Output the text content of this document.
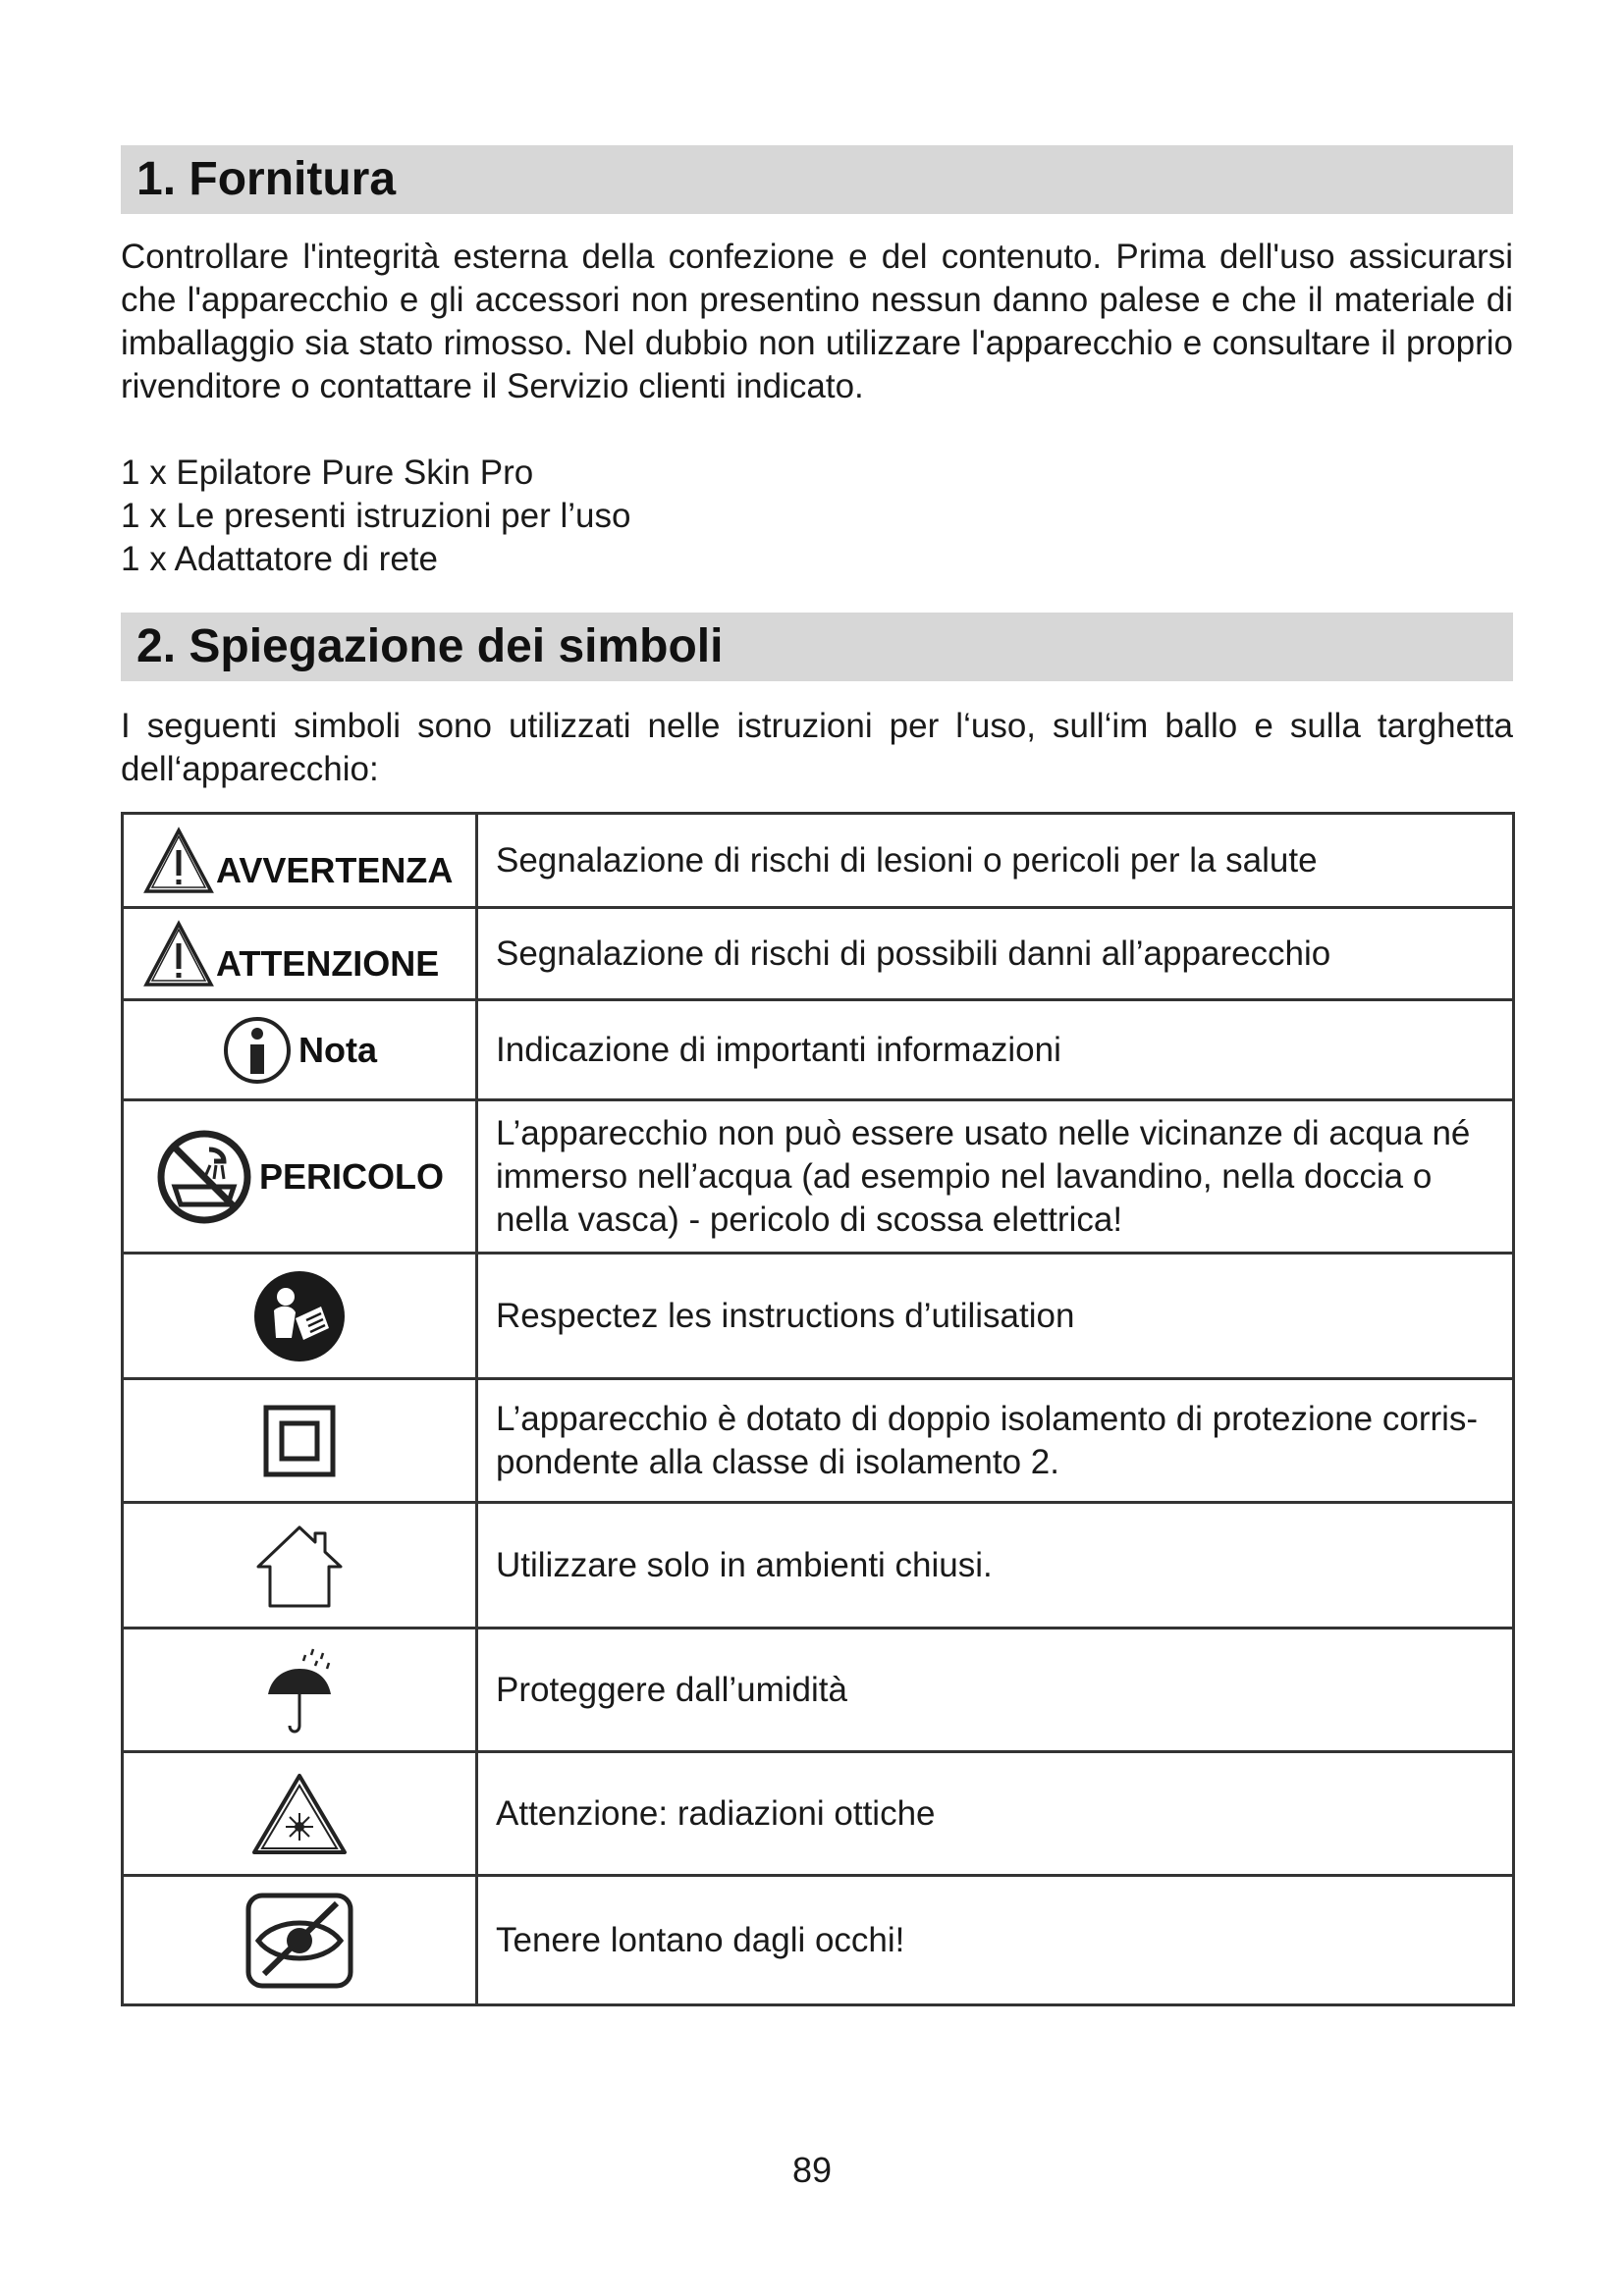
1. Fornitura

Controllare l'integrità esterna della confezione e del contenuto. Prima dell'uso assicurarsi che l'apparecchio e gli accessori non presentino nessun danno palese e che il materiale di imballaggio sia stato rimosso. Nel dubbio non utilizzare l'apparecchio e consultare il proprio rivenditore o contattare il Servizio clienti indicato.

1 x Epilatore Pure Skin Pro
1 x Le presenti istruzioni per l’uso
1 x Adattatore di rete
2. Spiegazione dei simboli

I seguenti simboli sono utilizzati nelle istruzioni per l‘uso, sull‘im ballo e sulla targhetta dell‘apparecchio:

AVVERTENZA	Segnalazione di rischi di lesioni o pericoli per la salute

ATTENZIONE	Segnalazione di rischi di possibili danni all’apparecchio

Nota	Indicazione di importanti informazioni

PERICOLO	L’apparecchio non può essere usato nelle vicinanze di acqua né immerso nell’acqua (ad esempio nel lavandino, nella doccia o nella vasca) - pericolo di scossa elettrica!

	Respectez les instructions d’utilisation

	L’apparecchio è dotato di doppio isolamento di protezione corris-pondente alla classe di isolamento 2.

	Utilizzare solo in ambienti chiusi.

	Proteggere dall’umidità

	Attenzione: radiazioni ottiche

	Tenere lontano dagli occhi!
89
